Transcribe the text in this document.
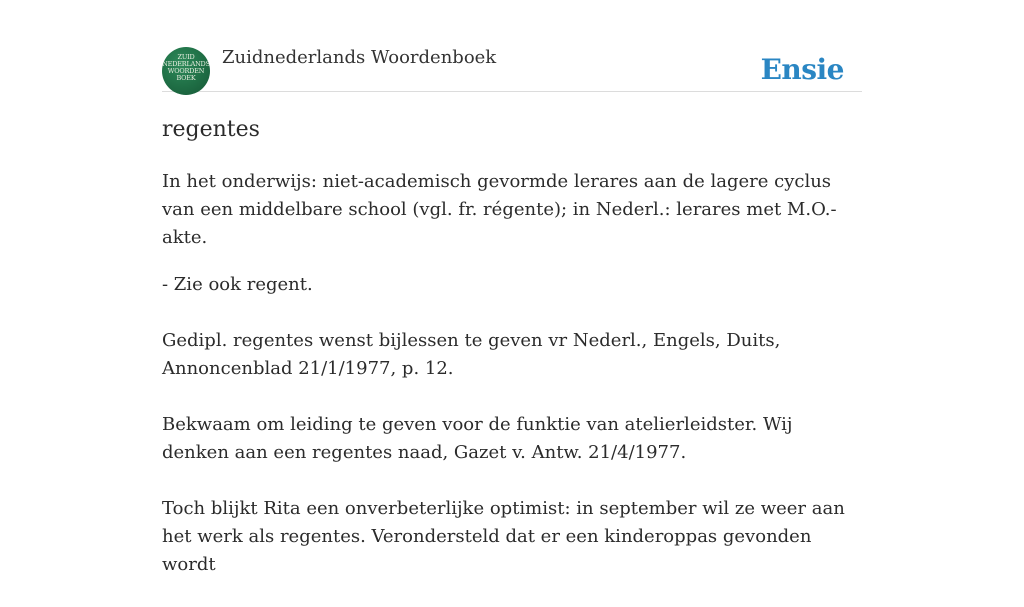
ZUID
NEDERLANDS
WOORDEN
BOEK
Zuidnederlands Woordenboek	Ensie
regentes

In het onderwijs: niet-academisch gevormde lerares aan de lagere cyclus van een middelbare school (vgl. fr. régente); in Nederl.: lerares met M.O.-akte.

- Zie ook regent.

Gedipl. regentes wenst bijlessen te geven vr Nederl., Engels, Duits, Annoncenblad 21/1/1977, p. 12.

Bekwaam om leiding te geven voor de funktie van atelierleidster. Wij denken aan een regentes naad, Gazet v. Antw. 21/4/1977.

Toch blijkt Rita een onverbeterlijke optimist: in september wil ze weer aan het werk als regentes. Verondersteld dat er een kinderoppas gevonden wordt
